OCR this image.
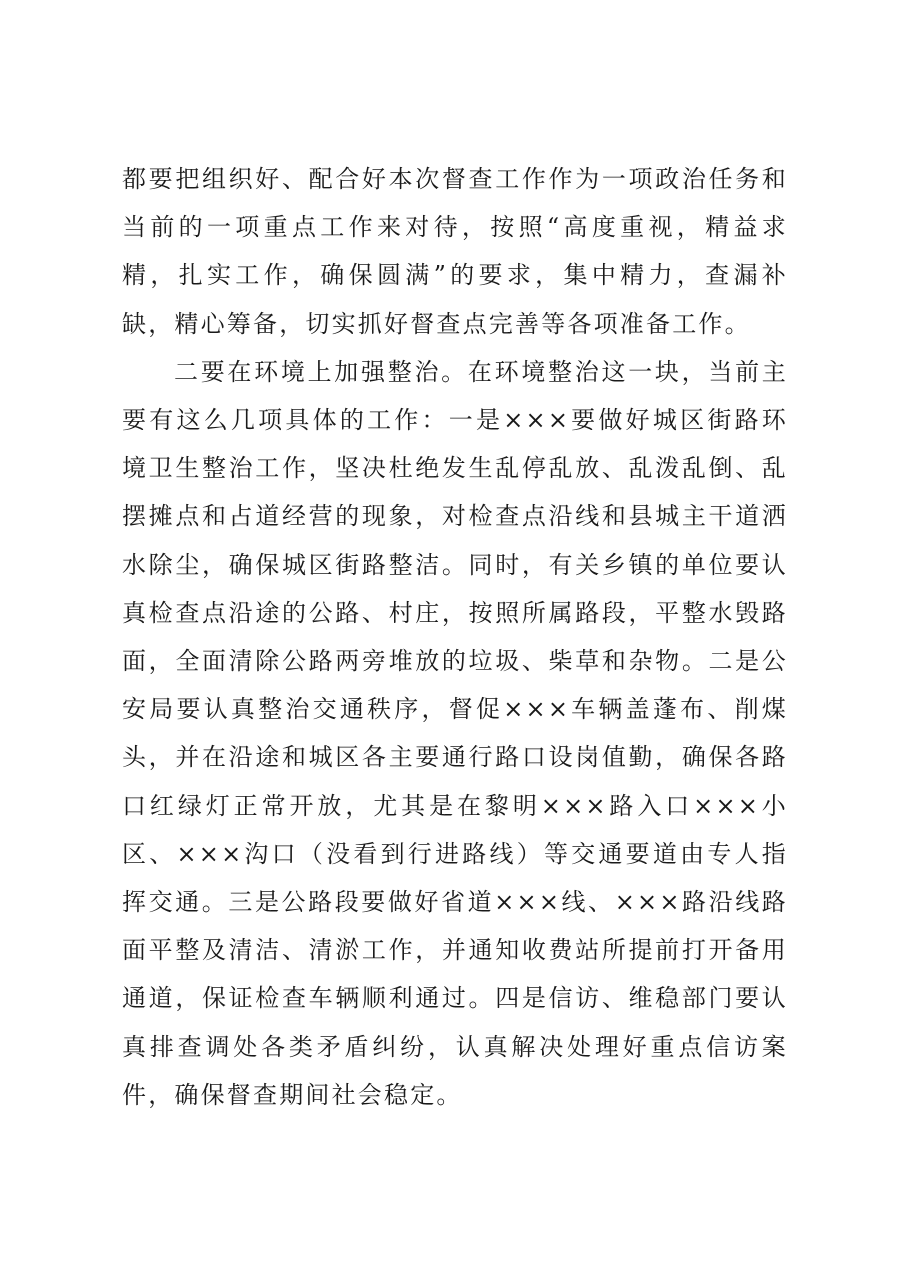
都要把组织好、配合好本次督查工作作为一项政治任务和当前的一项重点工作来对待，按照“高度重视，精益求精，扎实工作，确保圆满”的要求，集中精力，查漏补缺，精心筹备，切实抓好督查点完善等各项准备工作。

二要在环境上加强整治。在环境整治这一块，当前主要有这么几项具体的工作：一是×××要做好城区街路环境卫生整治工作，坚决杜绝发生乱停乱放、乱泼乱倒、乱摆摊点和占道经营的现象，对检查点沿线和县城主干道洒水除尘，确保城区街路整洁。同时，有关乡镇的单位要认真检查点沿途的公路、村庄，按照所属路段，平整水毁路面，全面清除公路两旁堆放的垃圾、柴草和杂物。二是公安局要认真整治交通秩序，督促×××车辆盖蓬布、削煤头，并在沿途和城区各主要通行路口设岗值勤，确保各路口红绿灯正常开放，尤其是在黎明×××路入口×××小区、×××沟口（没看到行进路线）等交通要道由专人指挥交通。三是公路段要做好省道×××线、×××路沿线路面平整及清洁、清淤工作，并通知收费站所提前打开备用通道，保证检查车辆顺利通过。四是信访、维稳部门要认真排查调处各类矛盾纠纷，认真解决处理好重点信访案件，确保督查期间社会稳定。
